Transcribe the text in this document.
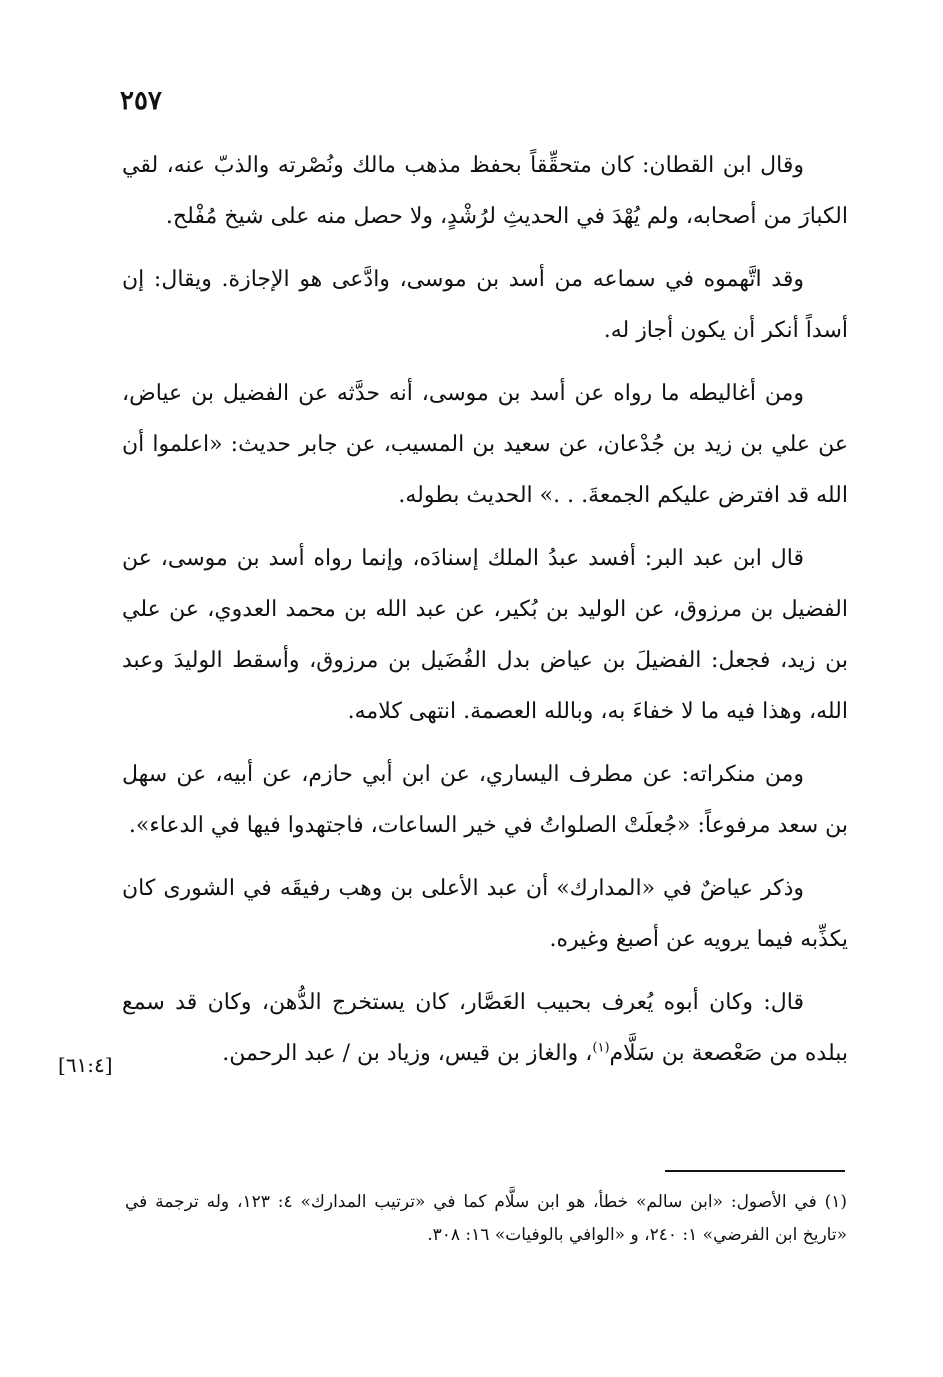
٢٥٧

وقال ابن القطان: كان متحقِّقاً بحفظ مذهب مالك ونُصْرته والذبّ عنه، لقي الكبارَ من أصحابه، ولم يُهْدَ في الحديثِ لرُشْدٍ، ولا حصل منه على شيخ مُفْلح.

وقد اتَّهموه في سماعه من أسد بن موسى، وادَّعى هو الإجازة. ويقال: إن أسداً أنكر أن يكون أجاز له.

ومن أغاليطه ما رواه عن أسد بن موسى، أنه حدَّثه عن الفضيل بن عياض، عن علي بن زيد بن جُدْعان، عن سعيد بن المسيب، عن جابر حديث: «اعلموا أن الله قد افترض عليكم الجمعةَ. . .» الحديث بطوله.

قال ابن عبد البر: أفسد عبدُ الملك إسنادَه، وإنما رواه أسد بن موسى، عن الفضيل بن مرزوق، عن الوليد بن بُكير، عن عبد الله بن محمد العدوي، عن علي بن زيد، فجعل: الفضيلَ بن عياض بدل الفُضَيل بن مرزوق، وأسقط الوليدَ وعبد الله، وهذا فيه ما لا خفاءَ به، وبالله العصمة. انتهى كلامه.

ومن منكراته: عن مطرف اليساري، عن ابن أبي حازم، عن أبيه، عن سهل بن سعد مرفوعاً: «جُعلَتْ الصلواتُ في خير الساعات، فاجتهدوا فيها في الدعاء».

وذكر عياضٌ في «المدارك» أن عبد الأعلى بن وهب رفيقَه في الشورى كان يكذِّبه فيما يرويه عن أصبغ وغيره.

قال: وكان أبوه يُعرف بحبيب العَصَّار، كان يستخرج الدُّهن، وكان قد سمع ببلده من صَعْصعة بن سَلَّام$^{(١)}$، والغاز بن قيس، وزياد بن / عبد الرحمن.

[٦١:٤]

(١) في الأصول: «ابن سالم» خطأ، هو ابن سلَّام كما في «ترتيب المدارك» ٤: ١٢٣، وله ترجمة في «تاريخ ابن الفرضي» ١: ٢٤٠، و «الوافي بالوفيات» ١٦: ٣٠٨.
